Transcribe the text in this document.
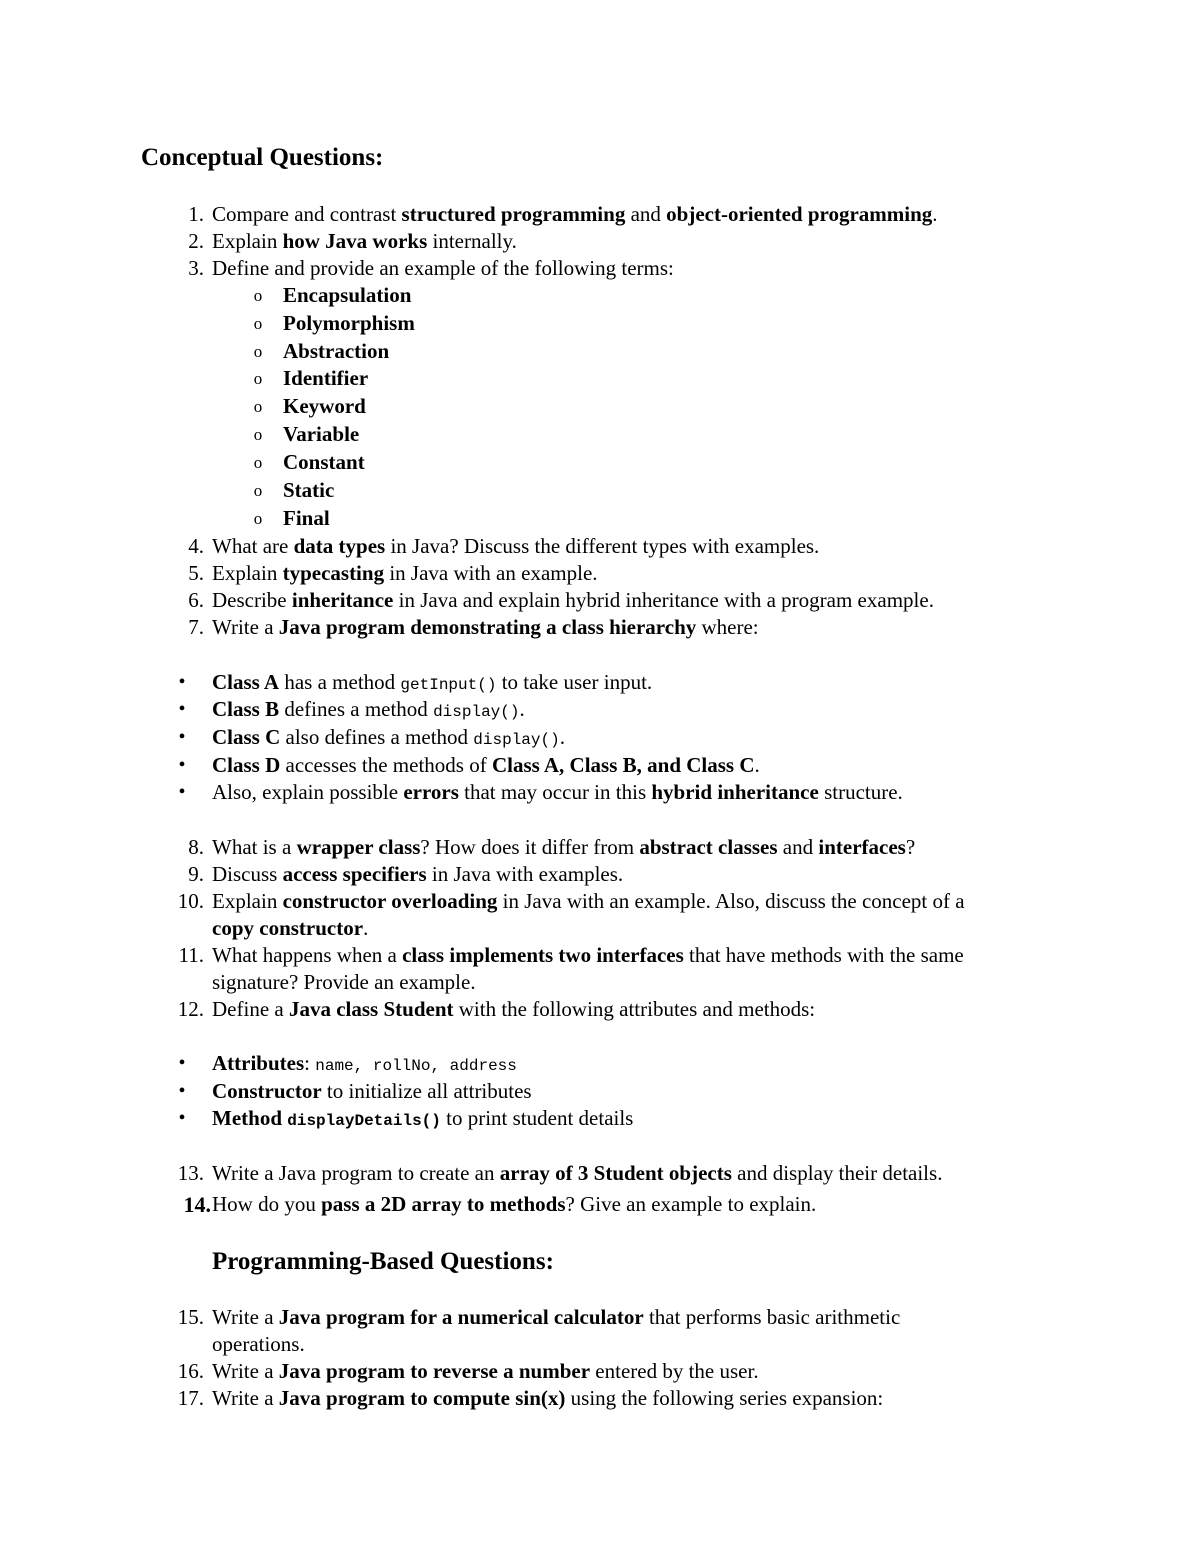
Conceptual Questions:
1. Compare and contrast structured programming and object-oriented programming.
2. Explain how Java works internally.
3. Define and provide an example of the following terms:
o Encapsulation
o Polymorphism
o Abstraction
o Identifier
o Keyword
o Variable
o Constant
o Static
o Final
4. What are data types in Java? Discuss the different types with examples.
5. Explain typecasting in Java with an example.
6. Describe inheritance in Java and explain hybrid inheritance with a program example.
7. Write a Java program demonstrating a class hierarchy where:
•	Class A has a method getInput() to take user input.
•	Class B defines a method display().
•	Class C also defines a method display().
•	Class D accesses the methods of Class A, Class B, and Class C.
•	Also, explain possible errors that may occur in this hybrid inheritance structure.
8. What is a wrapper class? How does it differ from abstract classes and interfaces?
9. Discuss access specifiers in Java with examples.
10. Explain constructor overloading in Java with an example. Also, discuss the concept of a
copy constructor.
11. What happens when a class implements two interfaces that have methods with the same
signature? Provide an example.
12. Define a Java class Student with the following attributes and methods:
•	Attributes: name, rollNo, address
•	Constructor to initialize all attributes
•	Method displayDetails() to print student details
13. Write a Java program to create an array of 3 Student objects and display their details.
14. How do you pass a 2D array to methods? Give an example to explain.
Programming-Based Questions:
15. Write a Java program for a numerical calculator that performs basic arithmetic
operations.
16. Write a Java program to reverse a number entered by the user.
17. Write a Java program to compute sin(x) using the following series expansion:
